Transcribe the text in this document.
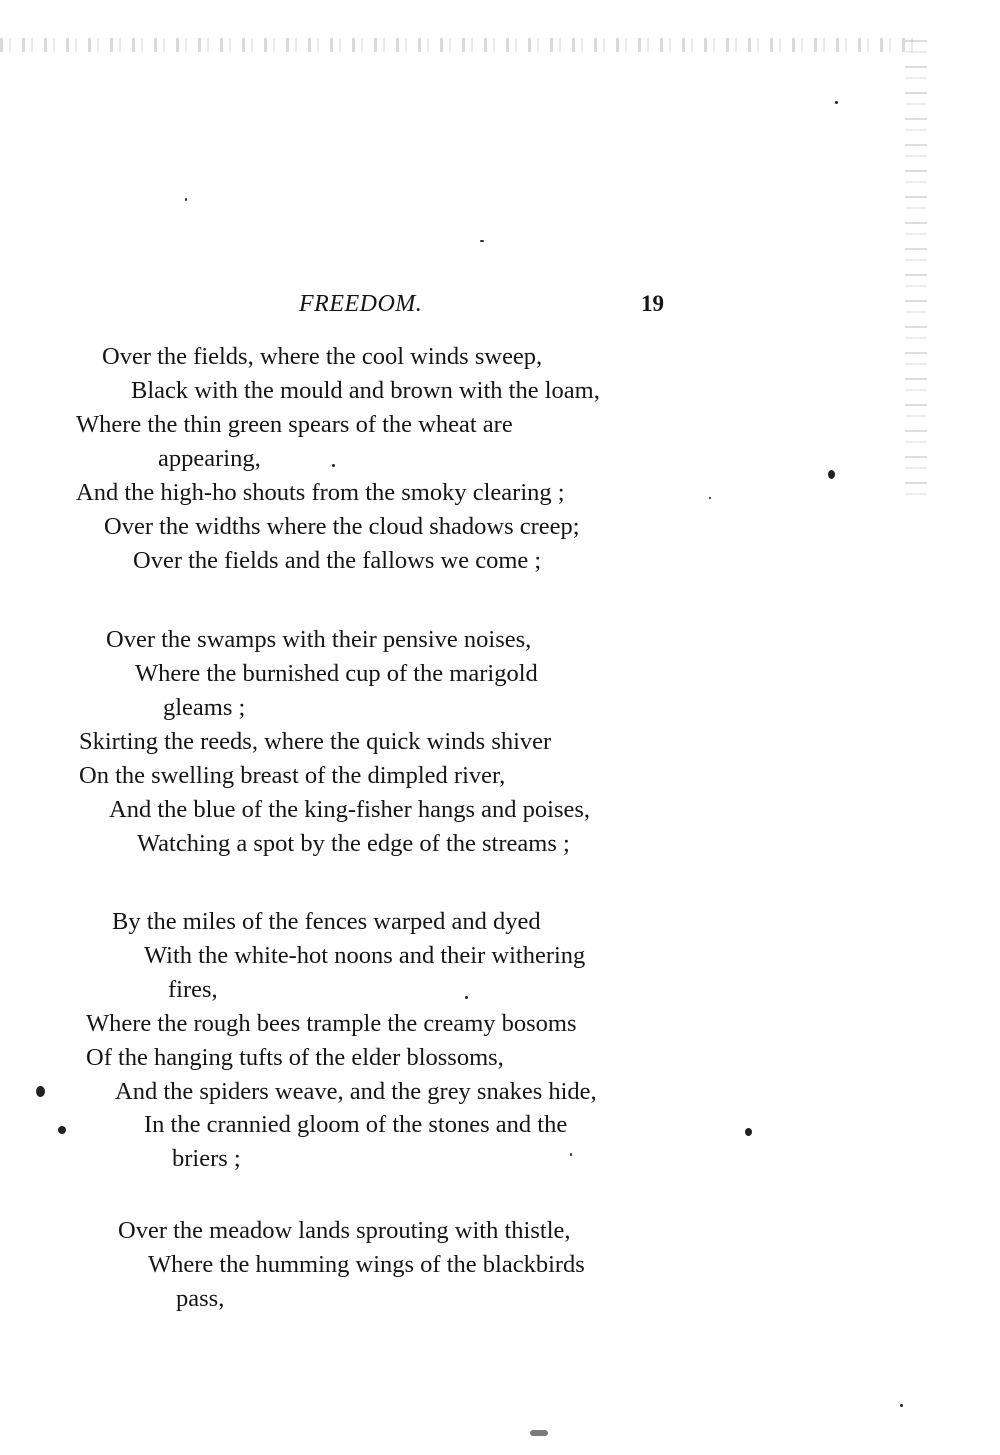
FREEDOM.	19
Over the fields, where the cool winds sweep,
Black with the mould and brown with the loam,
Where the thin green spears of the wheat are
appearing,
And the high-ho shouts from the smoky clearing ;
Over the widths where the cloud shadows creep;
Over the fields and the fallows we come ;
Over the swamps with their pensive noises,
Where the burnished cup of the marigold
gleams ;
Skirting the reeds, where the quick winds shiver
On the swelling breast of the dimpled river,
And the blue of the king-fisher hangs and poises,
Watching a spot by the edge of the streams ;
By the miles of the fences warped and dyed
With the white-hot noons and their withering
fires,
Where the rough bees trample the creamy bosoms
Of the hanging tufts of the elder blossoms,
And the spiders weave, and the grey snakes hide,
In the crannied gloom of the stones and the
briers ;
Over the meadow lands sprouting with thistle,
Where the humming wings of the blackbirds
pass,
